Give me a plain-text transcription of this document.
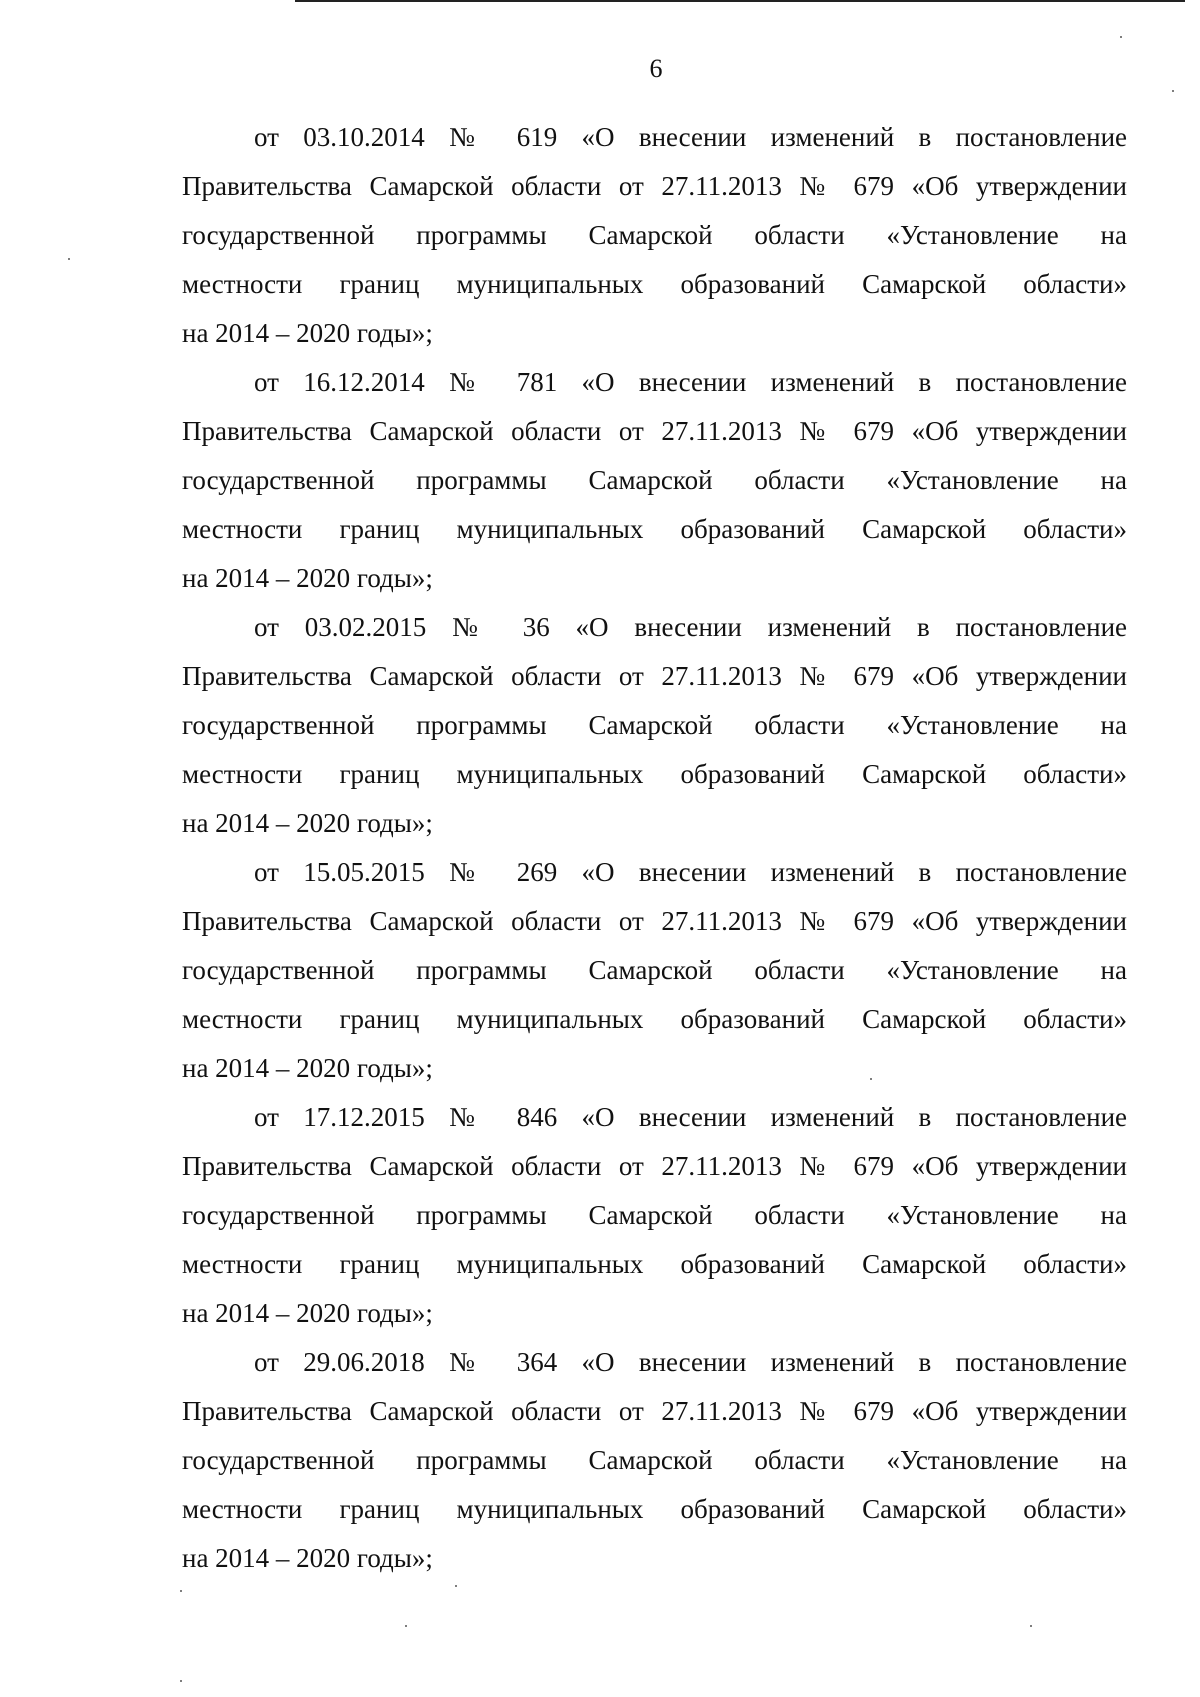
6
от 03.10.2014 № 619 «О внесении изменений в постановление
Правительства Самарской области от 27.11.2013 № 679 «Об утверждении
государственной программы Самарской области «Установление на
местности границ муниципальных образований Самарской области»
на 2014 – 2020 годы»;
от 16.12.2014 № 781 «О внесении изменений в постановление
Правительства Самарской области от 27.11.2013 № 679 «Об утверждении
государственной программы Самарской области «Установление на
местности границ муниципальных образований Самарской области»
на 2014 – 2020 годы»;
от 03.02.2015 № 36 «О внесении изменений в постановление
Правительства Самарской области от 27.11.2013 № 679 «Об утверждении
государственной программы Самарской области «Установление на
местности границ муниципальных образований Самарской области»
на 2014 – 2020 годы»;
от 15.05.2015 № 269 «О внесении изменений в постановление
Правительства Самарской области от 27.11.2013 № 679 «Об утверждении
государственной программы Самарской области «Установление на
местности границ муниципальных образований Самарской области»
на 2014 – 2020 годы»;
от 17.12.2015 № 846 «О внесении изменений в постановление
Правительства Самарской области от 27.11.2013 № 679 «Об утверждении
государственной программы Самарской области «Установление на
местности границ муниципальных образований Самарской области»
на 2014 – 2020 годы»;
от 29.06.2018 № 364 «О внесении изменений в постановление
Правительства Самарской области от 27.11.2013 № 679 «Об утверждении
государственной программы Самарской области «Установление на
местности границ муниципальных образований Самарской области»
на 2014 – 2020 годы»;
